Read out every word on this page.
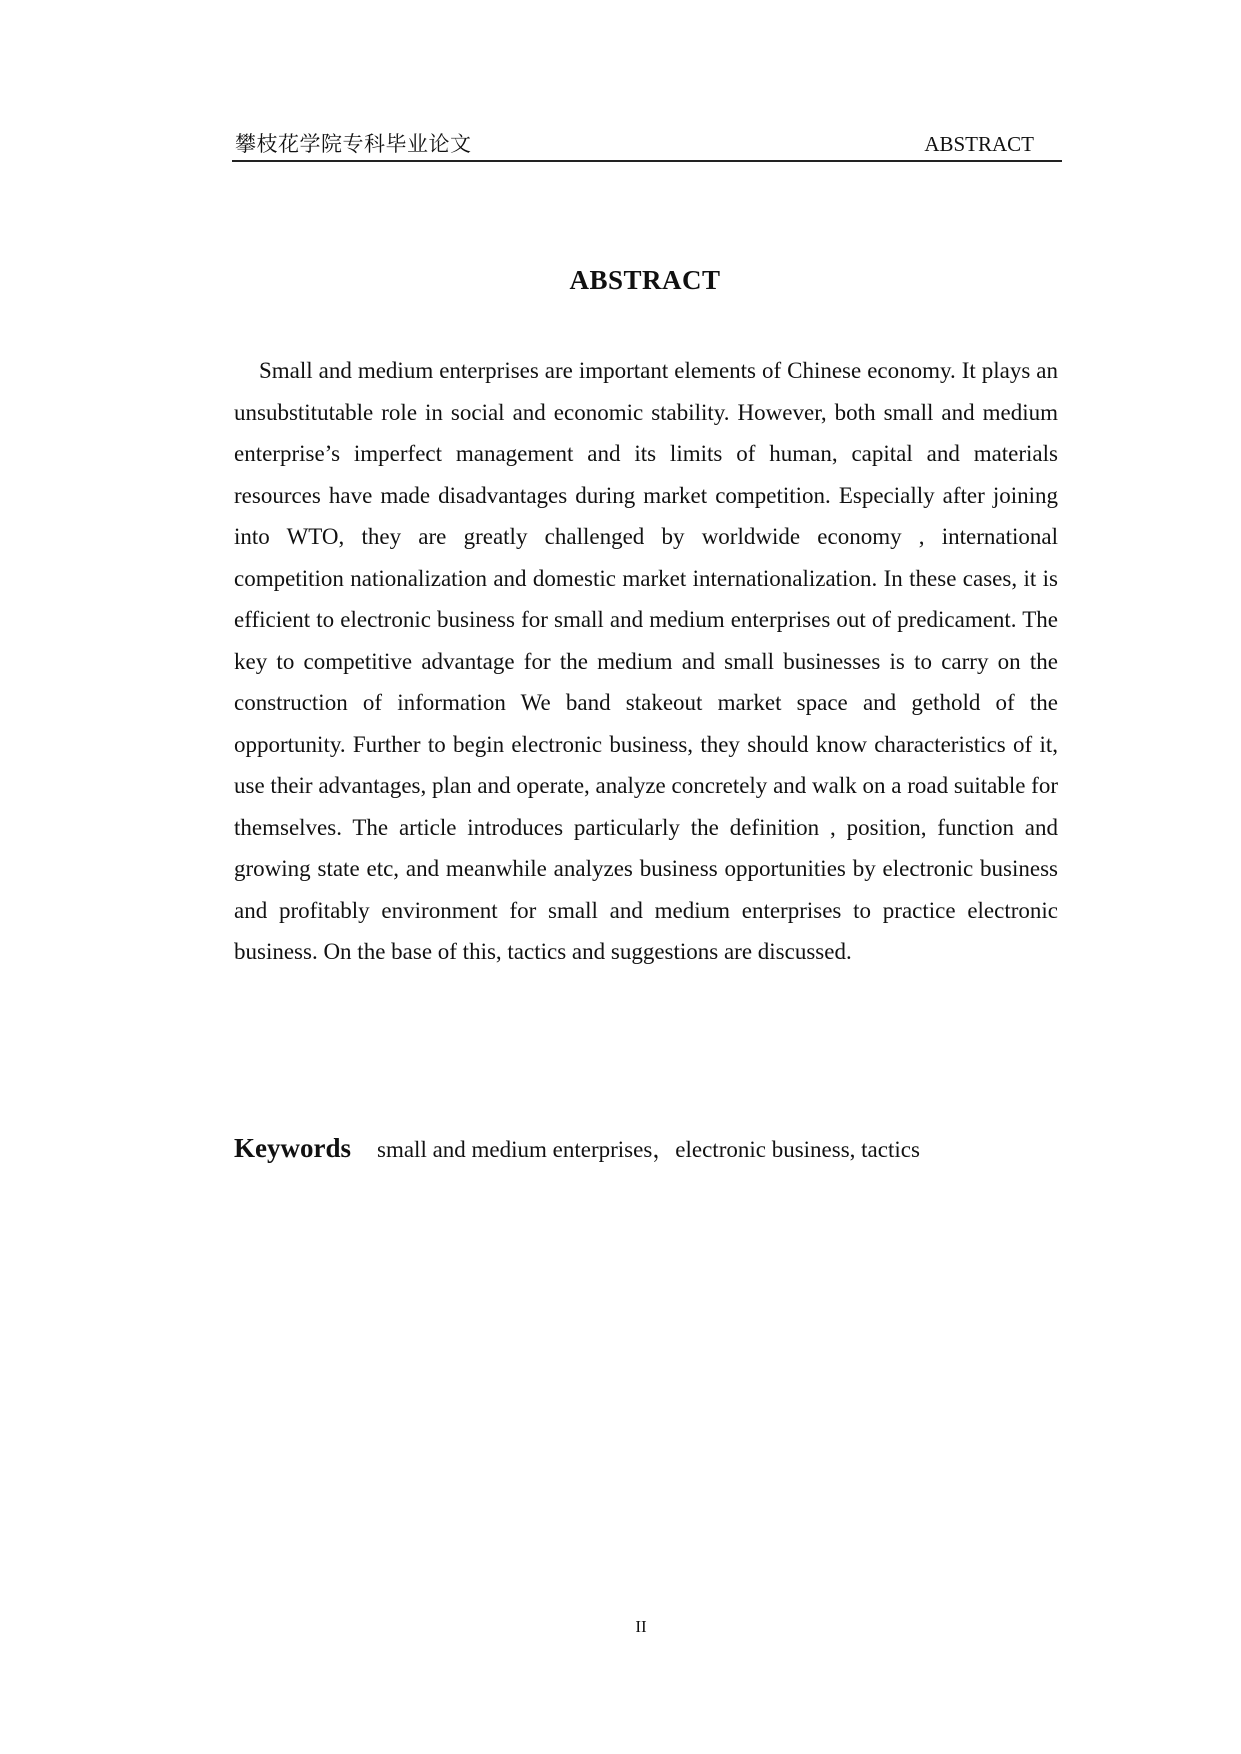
攀枝花学院专科毕业论文	ABSTRACT
ABSTRACT

Small and medium enterprises are important elements of Chinese economy. It plays an unsubstitutable role in social and economic stability. However, both small and medium enterprise’s imperfect management and its limits of human, capital and materials resources have made disadvantages during market competition. Especially after joining into WTO, they are greatly challenged by worldwide economy , international competition nationalization and domestic market internationalization. In these cases, it is efficient to electronic business for small and medium enterprises out of predicament. The key to competitive advantage for the medium and small businesses is to carry on the construction of information We band stakeout market space and gethold of the opportunity. Further to begin electronic business, they should know characteristics of it, use their advantages, plan and operate, analyze concretely and walk on a road suitable for themselves. The article introduces particularly the definition , position, function and growing state etc, and meanwhile analyzes business opportunities by electronic business and profitably environment for small and medium enterprises to practice electronic business. On the base of this, tactics and suggestions are discussed.

Keywords small and medium enterprises，electronic business, tactics
II
